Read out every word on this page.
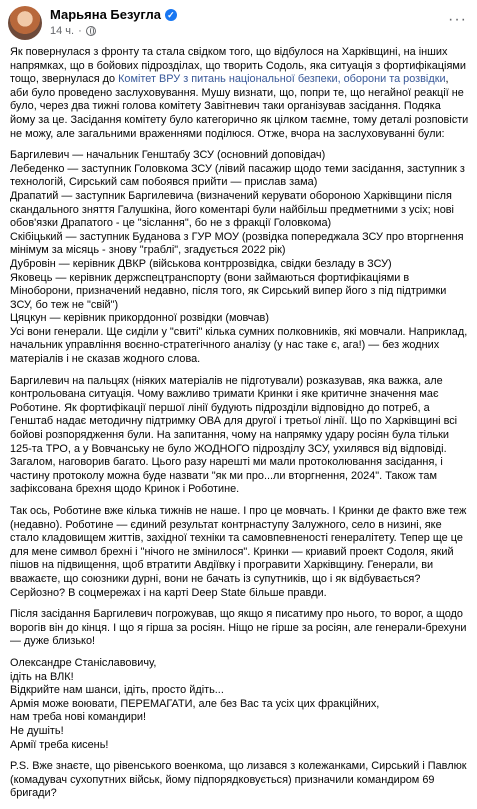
Марьяна Безугла ✓
14 ч. ·
···

Як повернулася з фронту та стала свідком того, що відбулося на Харківщині, на інших напрямках, що в бойових підрозділах, що творить Содоль, яка ситуація з фортифікаціями тощо, звернулася до Комітет ВРУ з питань національної безпеки, оборони та розвідки, аби було проведено заслуховування. Мушу визнати, що, попри те, що негайної реакції не було, через два тижні голова комітету Завітневич таки організував засідання. Подяка йому за це. Засідання комітету було категорично як цілком таємне, тому деталі розповісти не можу, але загальними враженнями поділюся. Отже, вчора на заслуховуванні були:

Баргилевич — начальник Генштабу ЗСУ (основний доповідач)
Лебеденко — заступник Головкома ЗСУ (лівий пасажир щодо теми засідання, заступник з технологій, Сирський сам побоявся прийти — прислав зама)
Драпатий — заступник Баргилевича (визначений керувати обороною Харківщини після скандального зняття Галушкіна, його коментарі були найбільш предметними з усіх; нові обов'язки Драпатого - це "зіслання", бо не з фракції Головкома)
Скібіцький — заступник Буданова з ГУР МОУ (розвідка попереджала ЗСУ про вторгнення мінімум за місяць - знову "граблі", згадується 2022 рік)
Дубровін — керівник ДВКР (військова контррозвідка, свідки безладу в ЗСУ)
Яковець — керівник держспецтранспорту (вони займаються фортифікаціями в Міноборони, призначений недавно, після того, як Сирський випер його з під підтримки ЗСУ, бо теж не "свій")
Цяцкун — керівник прикордонної розвідки (мовчав)
Усі вони генерали. Ще сиділи у "свиті" кілька сумних полковників, які мовчали. Наприклад, начальник управління воєнно-стратегічного аналізу (у нас таке є, ага!) — без жодних матеріалів і не сказав жодного слова.

Баргилевич на пальцях (ніяких матеріалів не підготували) розказував, яка важка, але контрольована ситуація. Чому важливо тримати Кринки і яке критичне значення має Роботине. Як фортифікації першої лінії будують підрозділи відповідно до потреб, а Генштаб надає методичну підтримку ОВА для другої і третьої лінії. Що по Харківщині всі бойові розпорядження були. На запитання, чому на напрямку удару росіян була тільки 125-та ТРО, а у Вовчанську не було ЖОДНОГО підрозділу ЗСУ, ухилявся від відповіді. Загалом, наговорив багато. Цього разу нарешті ми мали протоколювання засідання, і частину протоколу можна буде назвати "як ми про...ли вторгнення, 2024". Також там зафіксована брехня щодо Кринок і Роботине.

Так ось, Роботине вже кілька тижнів не наше. І про це мовчать. І Кринки де факто вже теж (недавно). Роботине — єдиний результат контрнаступу Залужного, село в низині, яке стало кладовищем життів, західної техніки та самовпевненості генералітету. Тепер ще це для мене символ брехні і "нічого не змінилося". Кринки — криавий проект Содоля, який пішов на підвищення, щоб втратити Авдіївку і програвити Харківщину. Генерали, ви вважаєте, що союзники дурні, вони не бачать із супутників, що і як відбувається? Серйозно? В соцмережах і на карті Deep State більше правди.

Після засідання Баргилевич погрожував, що якщо я писатиму про нього, то ворог, а щодо ворогів він до кінця. І що я гірша за росіян. Ніщо не гірше за росіян, але генерали-брехуни — дуже близько!

Олександре Станіславовичу,
ідіть на ВЛК!
Відкрийте нам шанси, ідіть, просто йдіть...
Армія може воювати, ПЕРЕМАГАТИ, але без Вас та усіх цих фракційних,
нам треба нові командири!
Не душіть!
Армії треба кисень!

P.S. Вже знаєте, що рівенського военкома, що лизався з колежанками, Сирський і Павлюк (комадувач сухопутних військ, йому підпорядковується) призначили командиром 69 бригади?
